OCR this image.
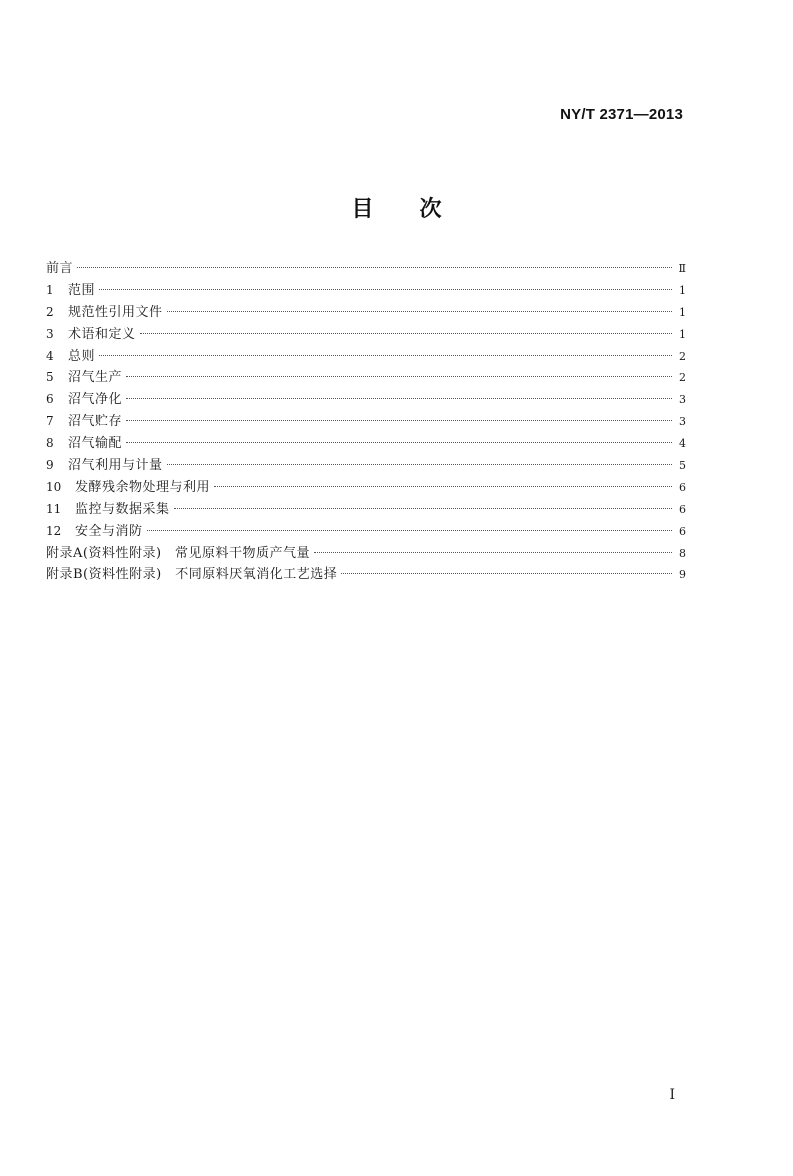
NY/T 2371—2013
目 次
前言	Ⅱ
1	范围	1
2	规范性引用文件	1
3	术语和定义	1
4	总则	2
5	沼气生产	2
6	沼气净化	3
7	沼气贮存	3
8	沼气输配	4
9	沼气利用与计量	5
10	发酵残余物处理与利用	6
11	监控与数据采集	6
12	安全与消防	6
附录A(资料性附录)　常见原料干物质产气量	8
附录B(资料性附录)　不同原料厌氧消化工艺选择	9
I
